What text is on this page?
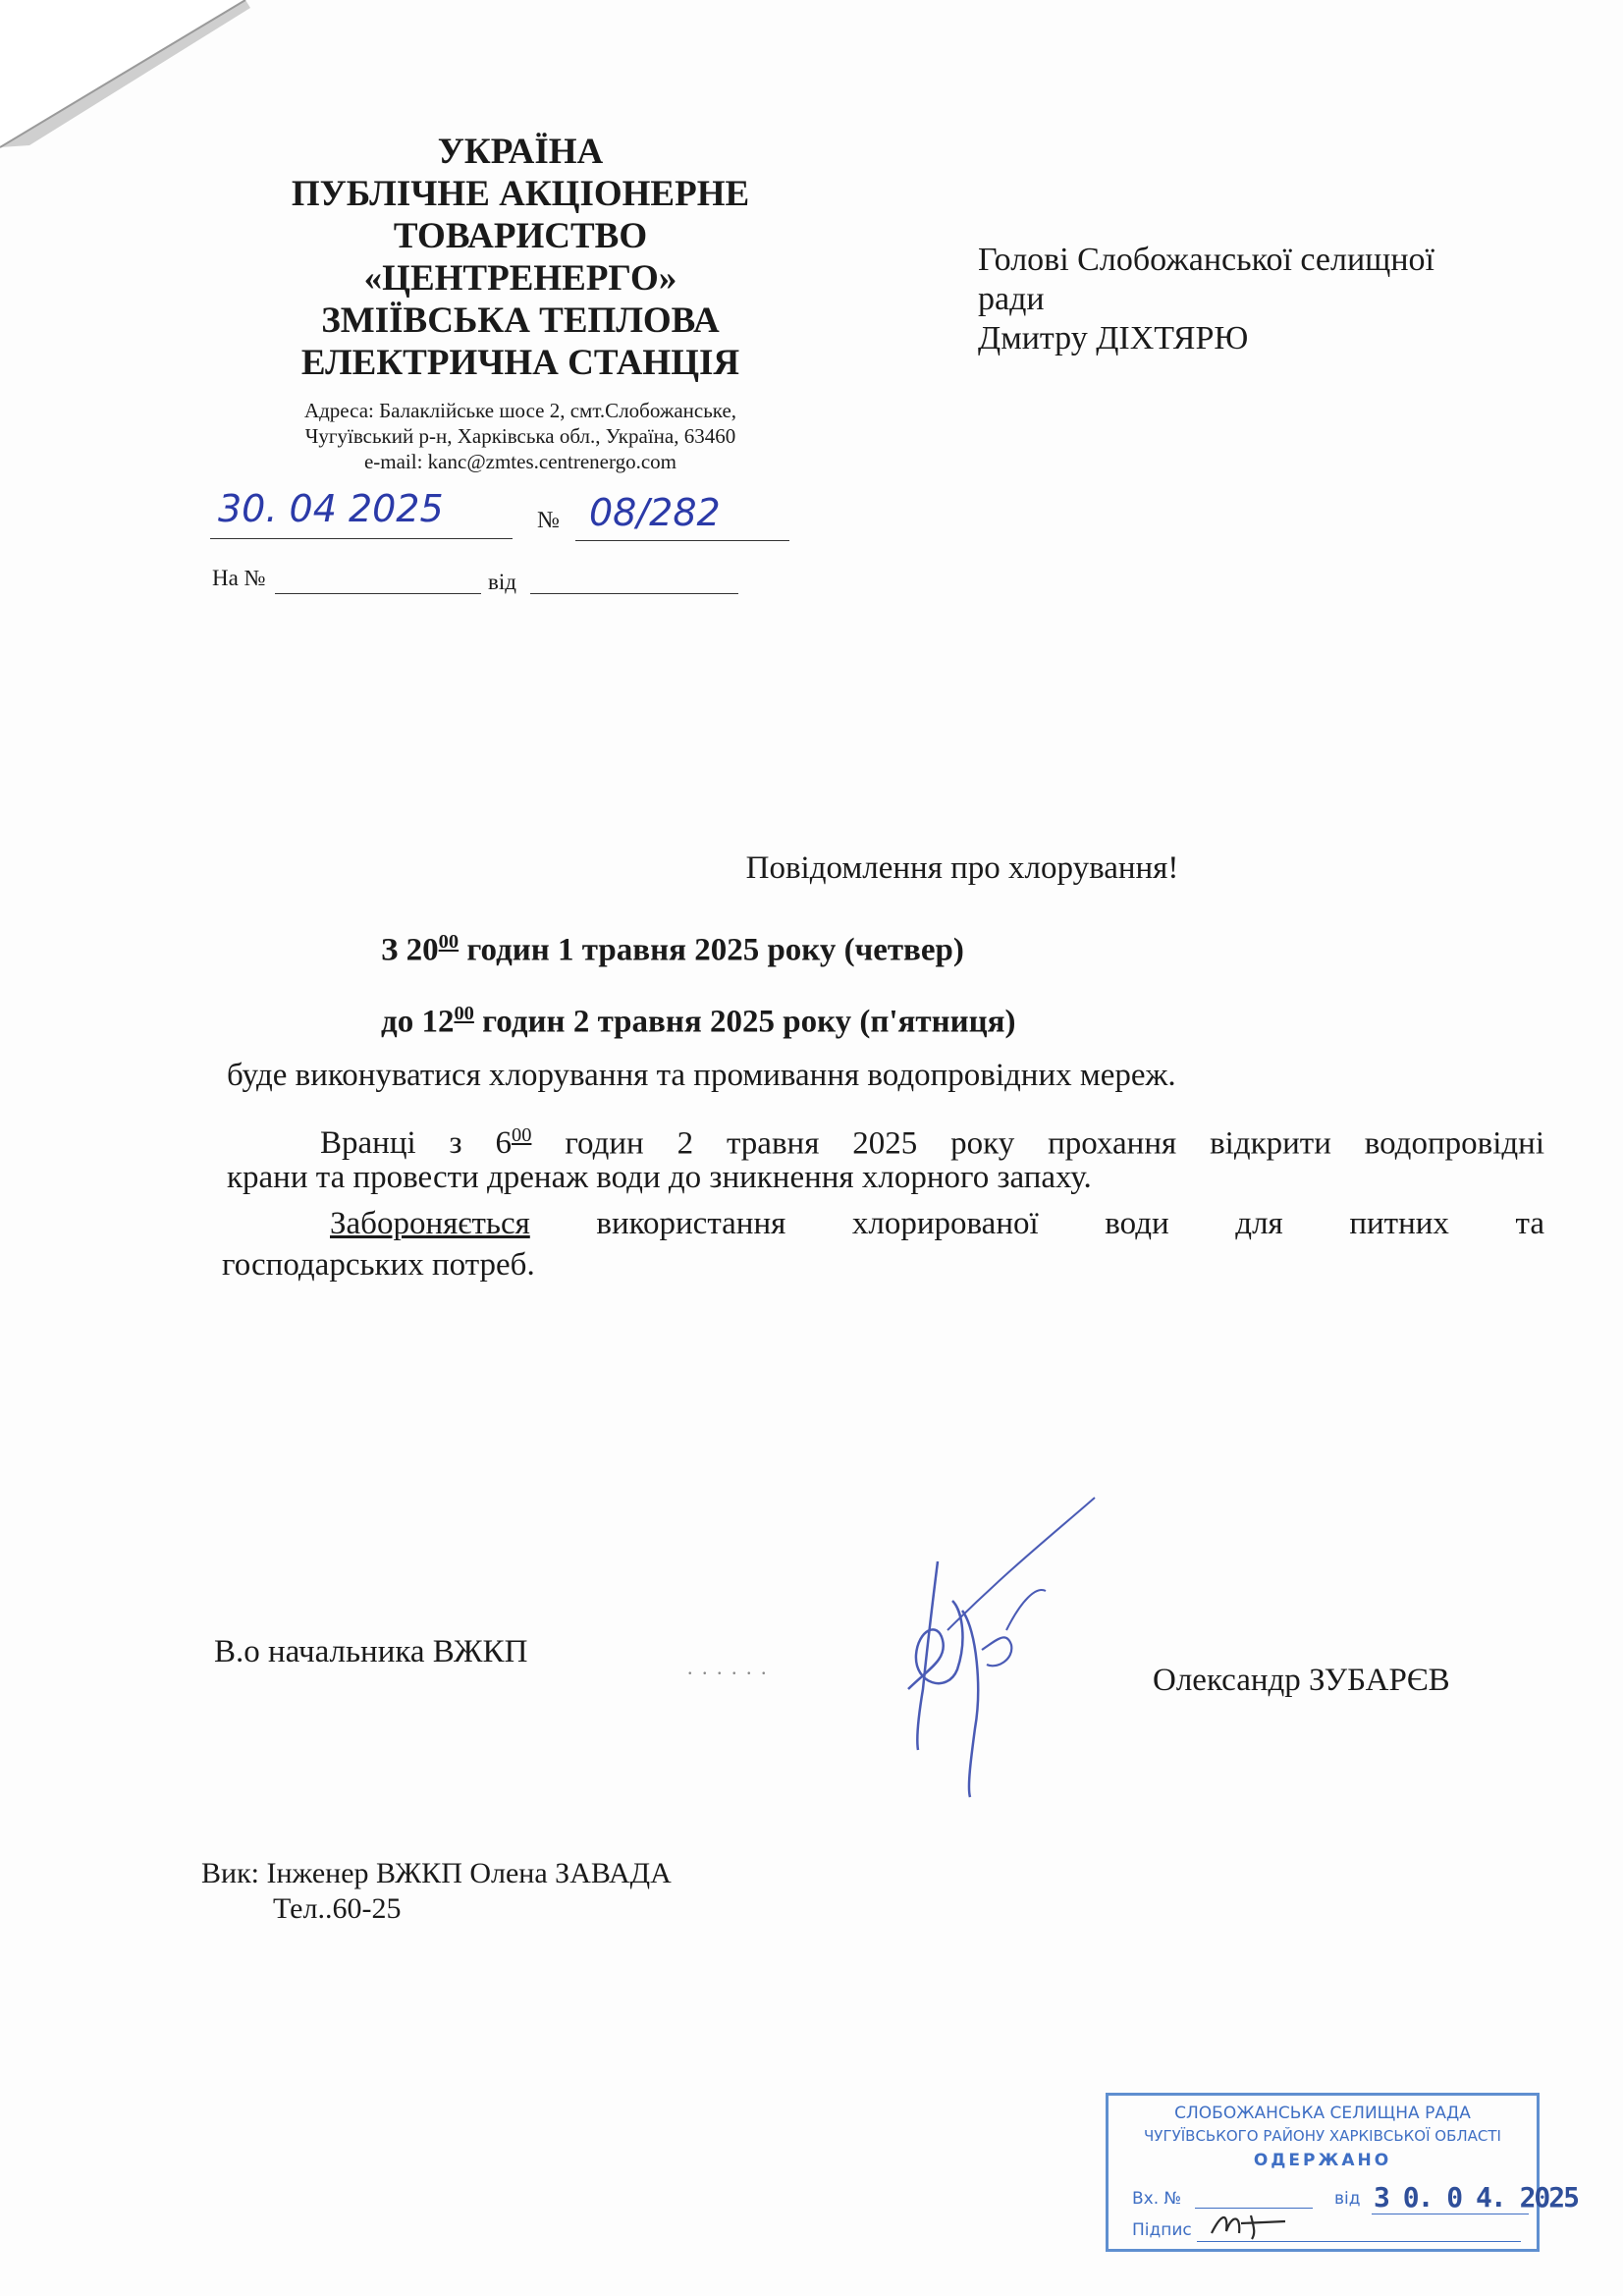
УКРАЇНА
ПУБЛІЧНЕ АКЦІОНЕРНЕ
ТОВАРИСТВО
«ЦЕНТРЕНЕРГО»
ЗМІЇВСЬКА ТЕПЛОВА
ЕЛЕКТРИЧНА СТАНЦІЯ
Адреса: Балаклійське шосе 2, смт.Слобожанське,
Чугуївський р-н, Харківська обл., Україна, 63460
e-mail: kanc@zmtes.centrenergo.com
30. 04 2025	№ 08/282
На №	від
Голові Слобожанської селищної
ради
Дмитру ДІХТЯРЮ
Повідомлення про хлорування!
З $20^{00}$ годин 1 травня 2025 року (четвер)
до $12^{00}$ годин 2 травня 2025 року (п'ятниця)
буде виконуватися хлорування та промивання водопровідних мереж.
Вранці з $6^{00}$ годин 2 травня 2025 року прохання відкрити водопровідні
крани та провести дренаж води до зникнення хлорного запаху.
Забороняється використання хлорированої води для питних та
господарських потреб.
В.о начальника ВЖКП	. . . . . .	Олександр ЗУБАРЄВ
Вик: Інженер ВЖКП Олена ЗАВАДА
Тел..60-25
СЛОБОЖАНСЬКА СЕЛИЩНА РАДА
ЧУГУЇВСЬКОГО РАЙОНУ ХАРКІВСЬКОЇ ОБЛАСТІ
ОДЕРЖАНО
Вх. №	від 3 0. 0 4. 2025
Підпис
